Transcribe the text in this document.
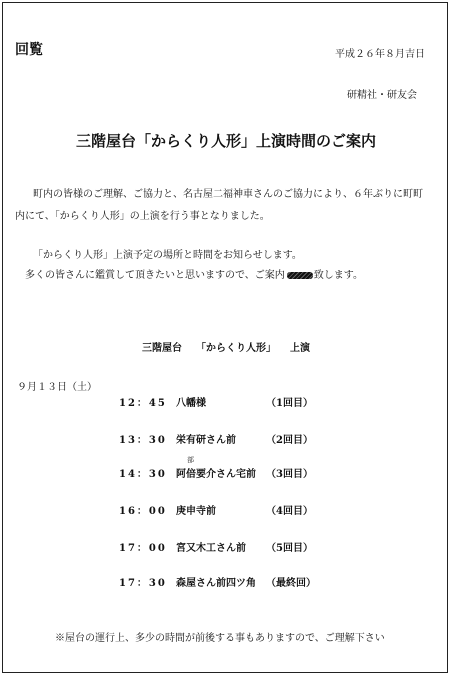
回覧	平成２６年８月吉日
研精社・研友会
三階屋台「からくり人形」上演時間のご案内
町内の皆様のご理解、ご協力と、名古屋二福神車さんのご協力により、６年ぶりに町町
内にて、「からくり人形」の上演を行う事となりました。
「からくり人形」上演予定の場所と時間をお知らせします。
多くの皆さんに鑑賞して頂きたいと思いますので、ご案内	致します。
三階屋台 「からくり人形」 上演
９月１３日（土）
12：45 八幡様	（1回目）
13：30 栄有研さん前	（2回目）
部
14：30 阿倍要介さん宅前 （3回目）
16：00 庚申寺前	（4回目）
17：00 宮又木工さん前 （5回目）
17：30 森屋さん前四ツ角 （最終回）
※屋台の運行上、多少の時間が前後する事もありますので、ご理解下さい
